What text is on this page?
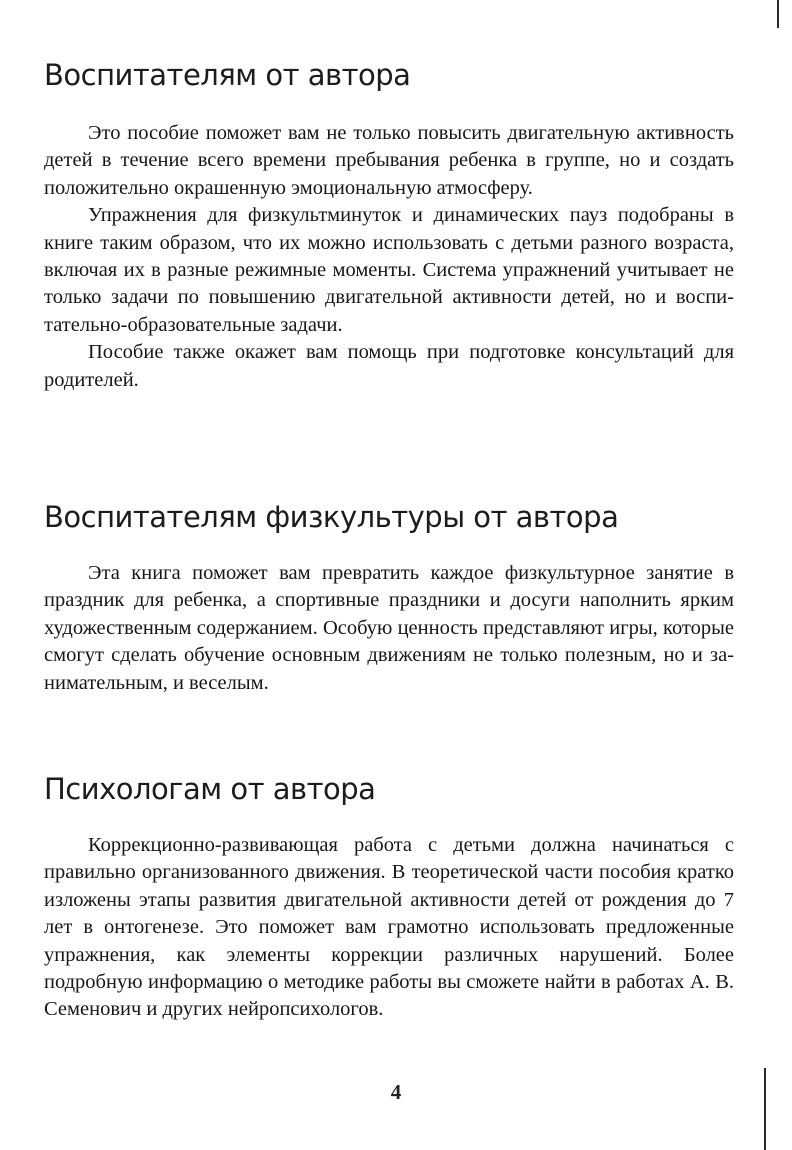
Воспитателям от автора

Это пособие поможет вам не только повысить двигательную активность детей в течение всего времени пребывания ребенка в группе, но и создать положительно окрашенную эмоциональную атмосферу.

Упражнения для физкультминуток и динамических пауз подобраны в книге таким образом, что их можно использовать с детьми разного возраста, включая их в разные режимные моменты. Система упражнений учитывает не только задачи по повышению двигательной активности детей, но и воспитательно-образовательные задачи.

Пособие также окажет вам помощь при подготовке консультаций для родителей.

Воспитателям физкультуры от автора

Эта книга поможет вам превратить каждое физкультурное занятие в праздник для ребенка, а спортивные праздники и досуги наполнить ярким художественным содержанием. Особую ценность представляют игры, которые смогут сделать обучение основным движениям не только полезным, но и занимательным, и веселым.

Психологам от автора

Коррекционно-развивающая работа с детьми должна начинаться с правильно организованного движения. В теоретической части пособия кратко изложены этапы развития двигательной активности детей от рождения до 7 лет в онтогенезе. Это поможет вам грамотно использовать предложенные упражнения, как элементы коррекции различных нарушений. Более подробную информацию о методике работы вы сможете найти в работах А. В. Семенович и других нейропсихологов.

4
